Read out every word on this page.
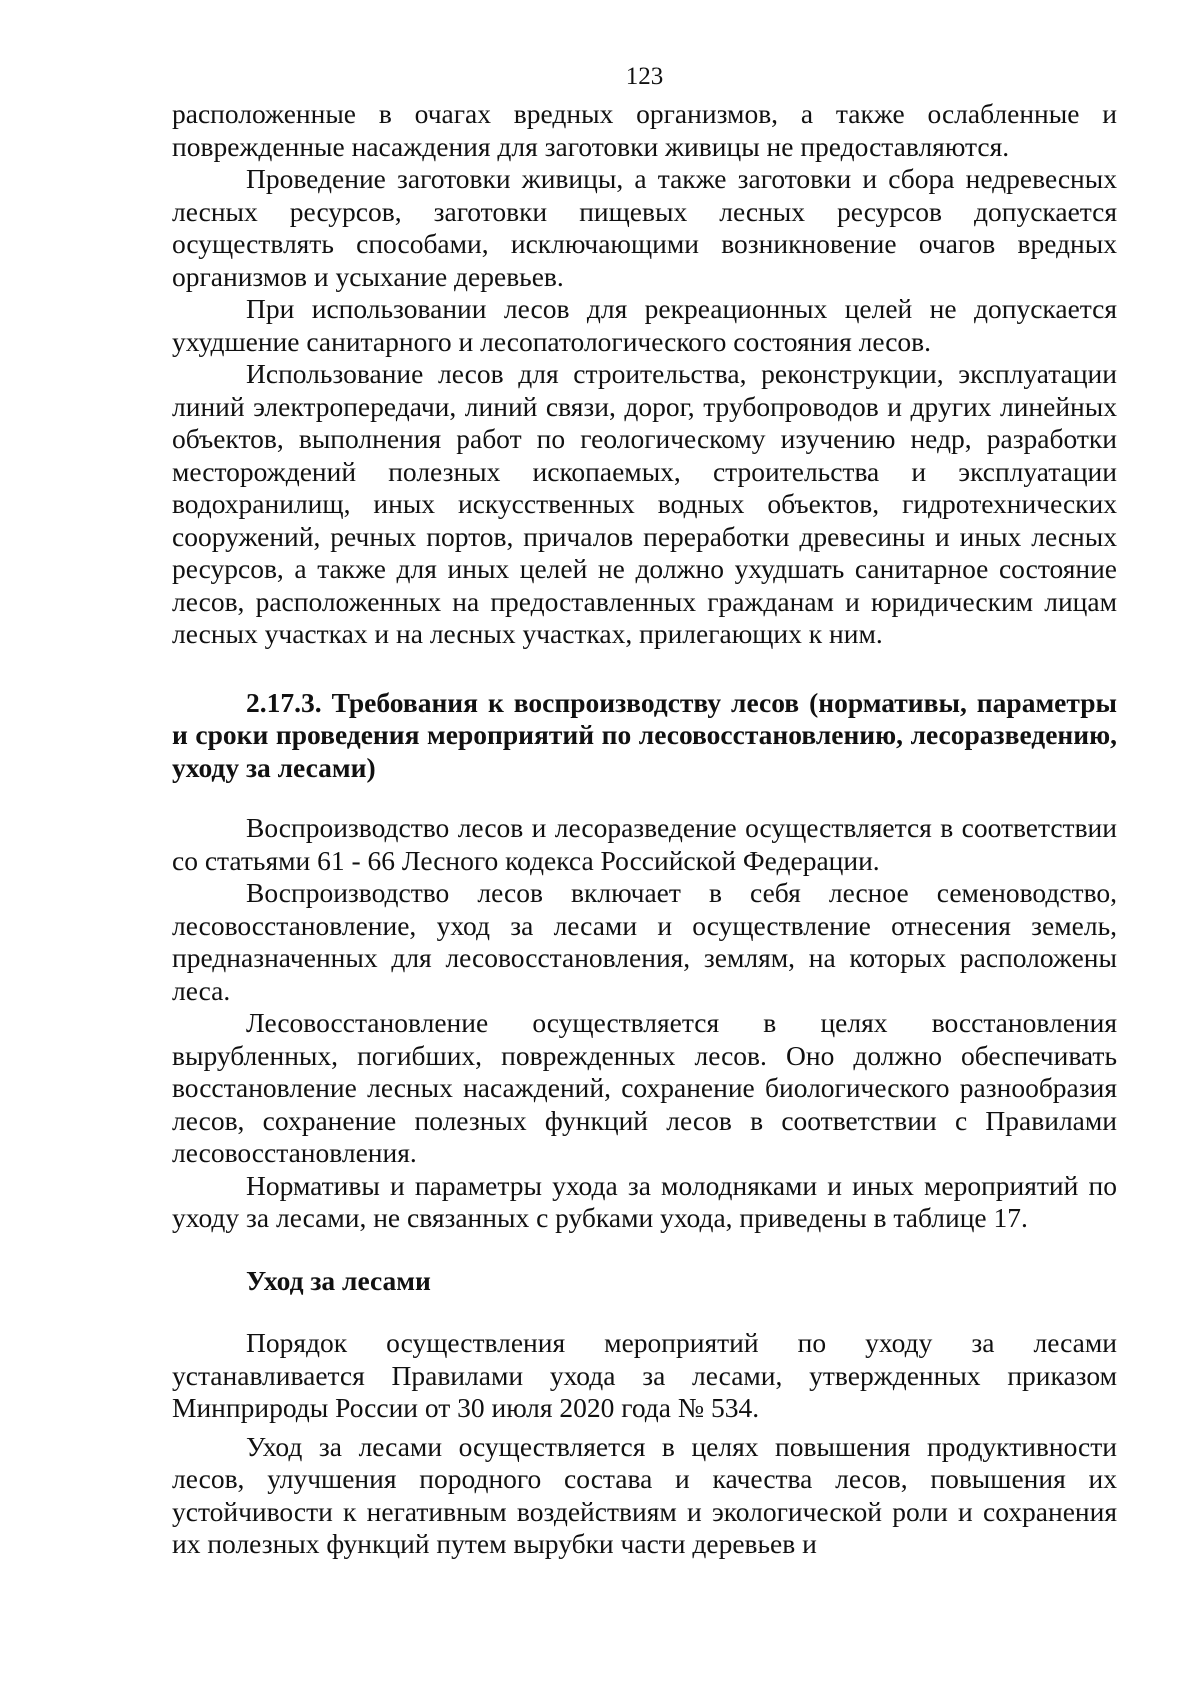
123

расположенные в очагах вредных организмов, а также ослабленные и поврежденные насаждения для заготовки живицы не предоставляются.

Проведение заготовки живицы, а также заготовки и сбора недревесных лесных ресурсов, заготовки пищевых лесных ресурсов допускается осуществлять способами, исключающими возникновение очагов вредных организмов и усыхание деревьев.

При использовании лесов для рекреационных целей не допускается ухудшение санитарного и лесопатологического состояния лесов.

Использование лесов для строительства, реконструкции, эксплуатации линий электропередачи, линий связи, дорог, трубопроводов и других линейных объектов, выполнения работ по геологическому изучению недр, разработки месторождений полезных ископаемых, строительства и эксплуатации водохранилищ, иных искусственных водных объектов, гидротехнических сооружений, речных портов, причалов переработки древесины и иных лесных ресурсов, а также для иных целей не должно ухудшать санитарное состояние лесов, расположенных на предоставленных гражданам и юридическим лицам лесных участках и на лесных участках, прилегающих к ним.

2.17.3. Требования к воспроизводству лесов (нормативы, параметры и сроки проведения мероприятий по лесовосстановлению, лесоразведению, уходу за лесами)

Воспроизводство лесов и лесоразведение осуществляется в соответствии со статьями 61 - 66 Лесного кодекса Российской Федерации.

Воспроизводство лесов включает в себя лесное семеноводство, лесовосстановление, уход за лесами и осуществление отнесения земель, предназначенных для лесовосстановления, землям, на которых расположены леса.

Лесовосстановление осуществляется в целях восстановления вырубленных, погибших, поврежденных лесов. Оно должно обеспечивать восстановление лесных насаждений, сохранение биологического разнообразия лесов, сохранение полезных функций лесов в соответствии с Правилами лесовосстановления.

Нормативы и параметры ухода за молодняками и иных мероприятий по уходу за лесами, не связанных с рубками ухода, приведены в таблице 17.

Уход за лесами

Порядок осуществления мероприятий по уходу за лесами устанавливается Правилами ухода за лесами, утвержденных приказом Минприроды России от 30 июля 2020 года № 534.

Уход за лесами осуществляется в целях повышения продуктивности лесов, улучшения породного состава и качества лесов, повышения их устойчивости к негативным воздействиям и экологической роли и сохранения их полезных функций путем вырубки части деревьев и
